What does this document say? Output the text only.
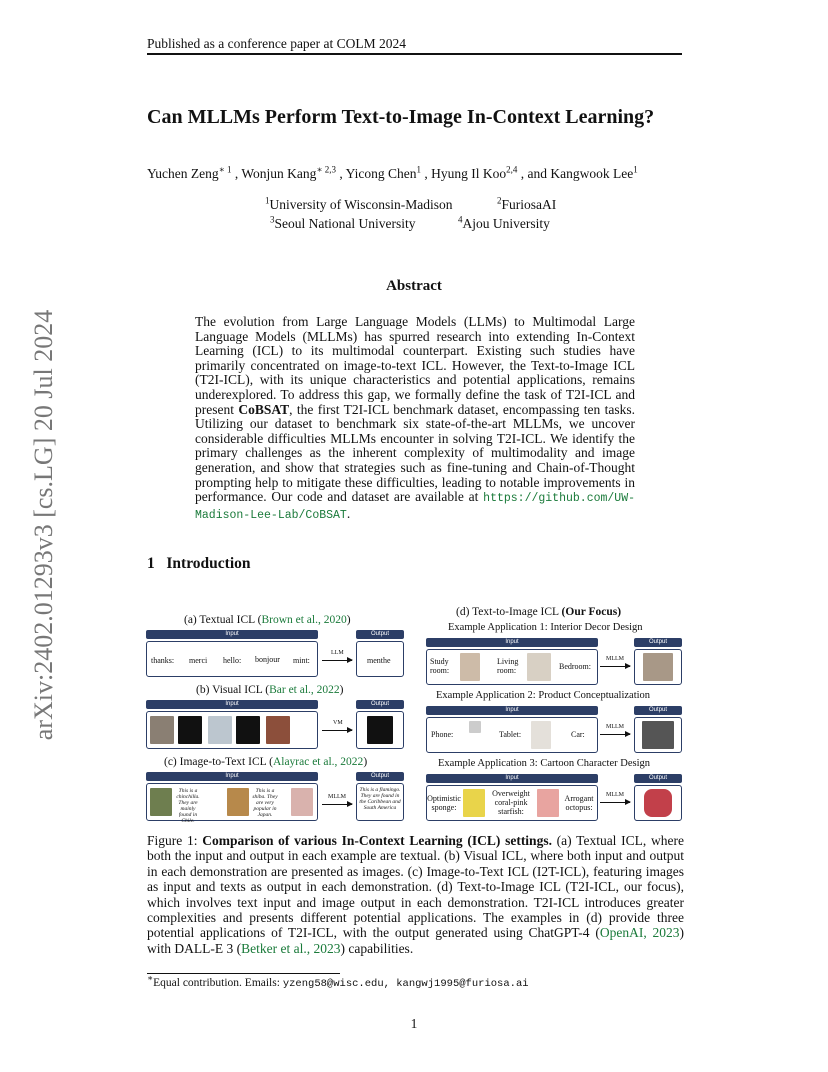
Published as a conference paper at COLM 2024
arXiv:2402.01293v3 [cs.LG] 20 Jul 2024
Can MLLMs Perform Text-to-Image In-Context Learning?
Yuchen Zeng$^{∗ 1}$ , Wonjun Kang$^{∗ 2,3}$ , Yicong Chen$^1$ , Hyung Il Koo$^{2,4}$ , and Kangwook Lee$^1$
$^1$University of Wisconsin-Madison	$^2$FuriosaAI
$^3$Seoul National University	$^4$Ajou University
Abstract
The evolution from Large Language Models (LLMs) to Multimodal Large Language Models (MLLMs) has spurred research into extending In-Context Learning (ICL) to its multimodal counterpart. Existing such studies have primarily concentrated on image-to-text ICL. However, the Text-to-Image ICL (T2I-ICL), with its unique characteristics and potential applications, remains underexplored. To address this gap, we formally define the task of T2I-ICL and present CoBSAT, the first T2I-ICL benchmark dataset, encompassing ten tasks. Utilizing our dataset to benchmark six state-of-the-art MLLMs, we uncover considerable difficulties MLLMs encounter in solving T2I-ICL. We identify the primary challenges as the inherent complexity of multimodality and image generation, and show that strategies such as fine-tuning and Chain-of-Thought prompting help to mitigate these difficulties, leading to notable improvements in performance. Our code and dataset are available at https://github.com/UW-Madison-Lee-Lab/CoBSAT.
1 Introduction
(a) Textual ICL (Brown et al., 2020)
Input
thanks: merci hello: bonjour mint:
LLM
Output
menthe
(b) Visual ICL (Bar et al., 2022)
Input
VM
Output
(c) Image-to-Text ICL (Alayrac et al., 2022)
Input
This is a chinchilla. They are mainly found in Chile.
This is a shiba. They are very popular in Japan.
MLLM
Output
This is a flamingo. They are found in the Caribbean and South America
(d) Text-to-Image ICL (Our Focus)
Example Application 1: Interior Decor Design
Input
Study room:
Living room:	Bedroom:
MLLM
Output
Example Application 2: Product Conceptualization
Input
Phone:	Tablet:	Car:
MLLM
Output
Example Application 3: Cartoon Character Design
Input
Optimistic sponge:
Overweight coral-pink starfish:
Arrogant octopus:
MLLM
Output
Figure 1: Comparison of various In-Context Learning (ICL) settings. (a) Textual ICL, where both the input and output in each example are textual. (b) Visual ICL, where both input and output in each demonstration are presented as images. (c) Image-to-Text ICL (I2T-ICL), featuring images as input and texts as output in each demonstration. (d) Text-to-Image ICL (T2I-ICL, our focus), which involves text input and image output in each demonstration. T2I-ICL introduces greater complexities and presents different potential applications. The examples in (d) provide three potential applications of T2I-ICL, with the output generated using ChatGPT-4 (OpenAI, 2023) with DALL-E 3 (Betker et al., 2023) capabilities.
∗Equal contribution. Emails: yzeng58@wisc.edu, kangwj1995@furiosa.ai
1
